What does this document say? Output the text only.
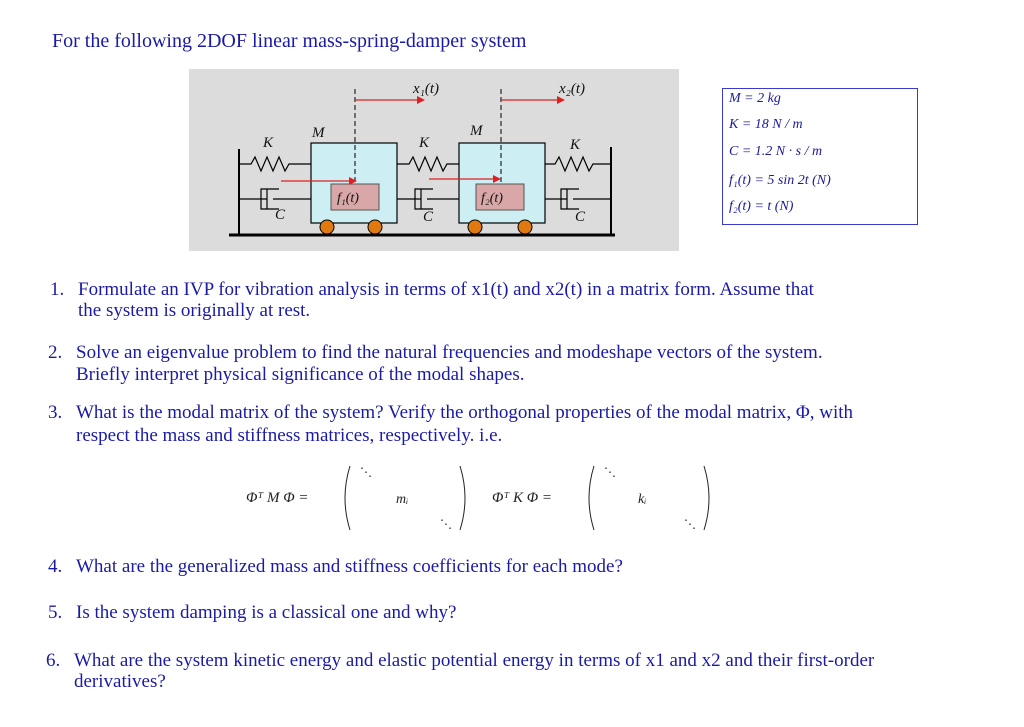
For the following 2DOF linear mass-spring-damper system
x₁(t)	x₂(t)
K
M
K
M
K
C	C	C
f₁(t)	f₂(t)
M = 2 kg
K = 18 N / m
C = 1.2 N · s / m
f₁(t) = 5 sin 2t (N)
f₂(t) = t (N)
1. Formulate an IVP for vibration analysis in terms of x1(t) and x2(t) in a matrix form. Assume that
the system is originally at rest.
2. Solve an eigenvalue problem to find the natural frequencies and modeshape vectors of the system.
Briefly interpret physical significance of the modal shapes.
3. What is the modal matrix of the system? Verify the orthogonal properties of the modal matrix, Φ, with
respect the mass and stiffness matrices, respectively. i.e.
Φᵀ M Φ =
⋱
⋱
mᵢ	Φᵀ K Φ =
⋱
⋱
kᵢ
4. What are the generalized mass and stiffness coefficients for each mode?
5. Is the system damping is a classical one and why?
6. What are the system kinetic energy and elastic potential energy in terms of x1 and x2 and their first-order
derivatives?
